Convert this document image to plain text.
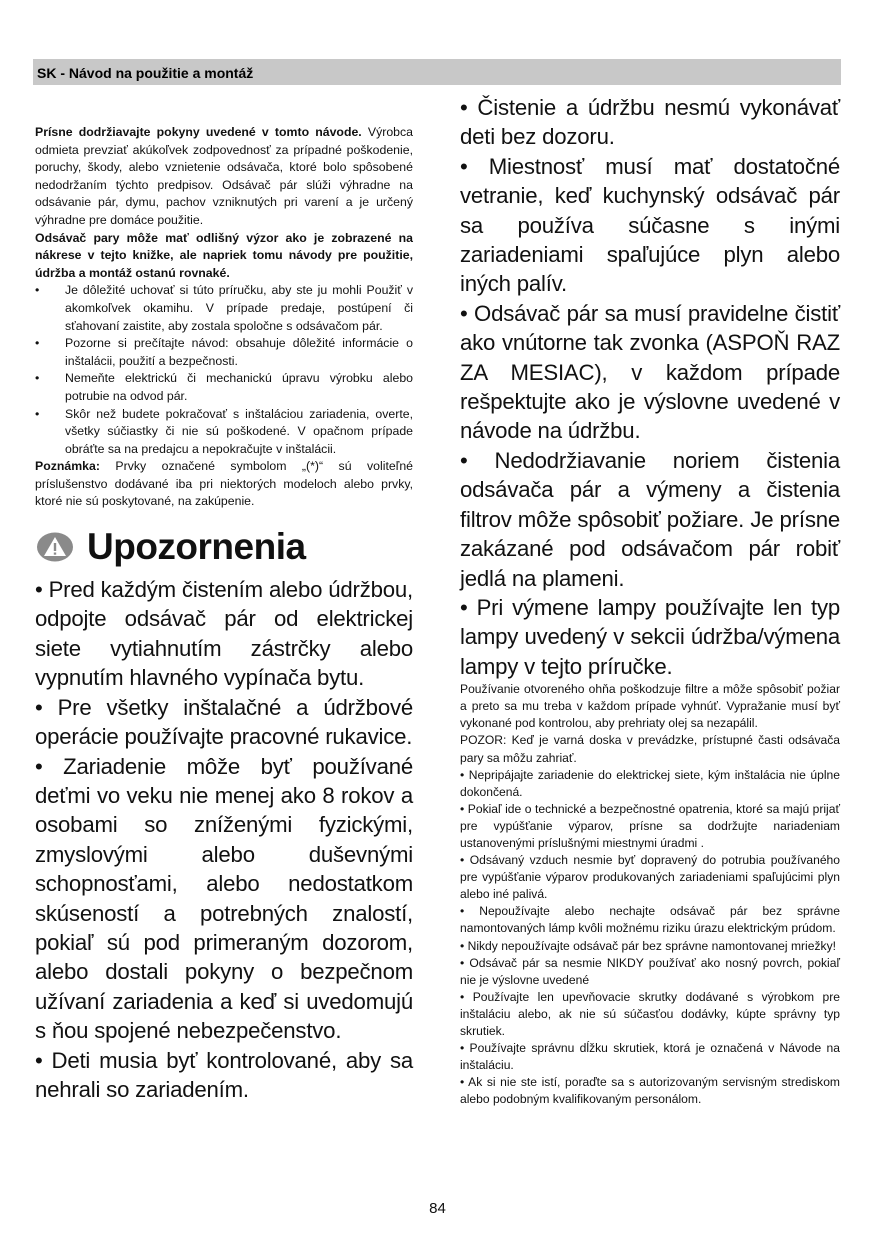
SK - Návod na použitie a montáž

Prísne dodržiavajte pokyny uvedené v tomto návode. Výrobca odmieta prevziať akúkoľvek zodpovednosť za prípadné poškodenie, poruchy, škody, alebo vznietenie odsávača, ktoré bolo spôsobené nedodržaním týchto predpisov. Odsávač pár slúži výhradne na odsávanie pár, dymu, pachov vzniknutých pri varení a je určený výhradne pre domáce použitie.

Odsávač pary môže mať odlišný výzor ako je zobrazené na nákrese v tejto knižke, ale napriek tomu návody pre použitie, údržba a montáž ostanú rovnaké.

• Je dôležité uchovať si túto príručku, aby ste ju mohli Použiť v akomkoľvek okamihu. V prípade predaje, postúpení či sťahovaní zaistite, aby zostala spoločne s odsávačom pár.
• Pozorne si prečítajte návod: obsahuje dôležité informácie o inštalácii, použití a bezpečnosti.
• Nemeňte elektrickú či mechanickú úpravu výrobku alebo potrubie na odvod pár.
• Skôr než budete pokračovať s inštaláciou zariadenia, overte, všetky súčiastky či nie sú poškodené. V opačnom prípade obráťte sa na predajcu a nepokračujte v inštalácii.

Poznámka: Prvky označené symbolom „(*)“ sú voliteľné príslušenstvo dodávané iba pri niektorých modeloch alebo prvky, ktoré nie sú poskytované, na zakúpenie.

Upozornenia

• Pred každým čistením alebo údržbou, odpojte odsávač pár od elektrickej siete vytiahnutím zástrčky alebo vypnutím hlavného vypínača bytu.

• Pre všetky inštalačné a údržbové operácie používajte pracovné rukavice.

• Zariadenie môže byť používané deťmi vo veku nie menej ako 8 rokov a osobami so zníženými fyzickými, zmyslovými alebo duševnými schopnosťami, alebo nedostatkom skúseností a potrebných znalostí, pokiaľ sú pod primeraným dozorom, alebo dostali pokyny o bezpečnom užívaní zariadenia a keď si uvedomujú s ňou spojené nebezpečenstvo.

• Deti musia byť kontrolované, aby sa nehrali so zariadením.

• Čistenie a údržbu nesmú vykonávať deti bez dozoru.

• Miestnosť musí mať dostatočné vetranie, keď kuchynský odsávač pár sa používa súčasne s inými zariadeniami spaľujúce plyn alebo iných palív.

• Odsávač pár sa musí pravidelne čistiť ako vnútorne tak zvonka (ASPOŇ RAZ ZA MESIAC), v každom prípade rešpektujte ako je výslovne uvedené v návode na údržbu.

• Nedodržiavanie noriem čistenia odsávača pár a výmeny a čistenia filtrov môže spôsobiť požiare. Je prísne zakázané pod odsávačom pár robiť jedlá na plameni.

• Pri výmene lampy používajte len typ lampy uvedený v sekcii údržba/výmena lampy v tejto príručke.

Používanie otvoreného ohňa poškodzuje filtre a môže spôsobiť požiar a preto sa mu treba v každom prípade vyhnúť. Vypražanie musí byť vykonané pod kontrolou, aby prehriaty olej sa nezapálil.

POZOR: Keď je varná doska v prevádzke, prístupné časti odsávača pary sa môžu zahriať.

• Nepripájajte zariadenie do elektrickej siete, kým inštalácia nie úplne dokončená.

• Pokiaľ ide o technické a bezpečnostné opatrenia, ktoré sa majú prijať pre vypúšťanie výparov, prísne sa dodržujte nariadeniam ustanovenými príslušnými miestnymi úradmi .

• Odsávaný vzduch nesmie byť dopravený do potrubia používaného pre vypúšťanie výparov produkovaných zariadeniami spaľujúcimi plyn alebo iné palivá.

• Nepoužívajte alebo nechajte odsávač pár bez správne namontovaných lámp kvôli možnému riziku úrazu elektrickým prúdom.

• Nikdy nepoužívajte odsávač pár bez správne namontovanej mriežky!

• Odsávač pár sa nesmie NIKDY používať ako nosný povrch, pokiaľ nie je výslovne uvedené

• Používajte len upevňovacie skrutky dodávané s výrobkom pre inštaláciu alebo, ak nie sú súčasťou dodávky, kúpte správny typ skrutiek.

• Používajte správnu dĺžku skrutiek, ktorá je označená v Návode na inštaláciu.

• Ak si nie ste istí, poraďte sa s autorizovaným servisným strediskom alebo podobným kvalifikovaným personálom.

84
